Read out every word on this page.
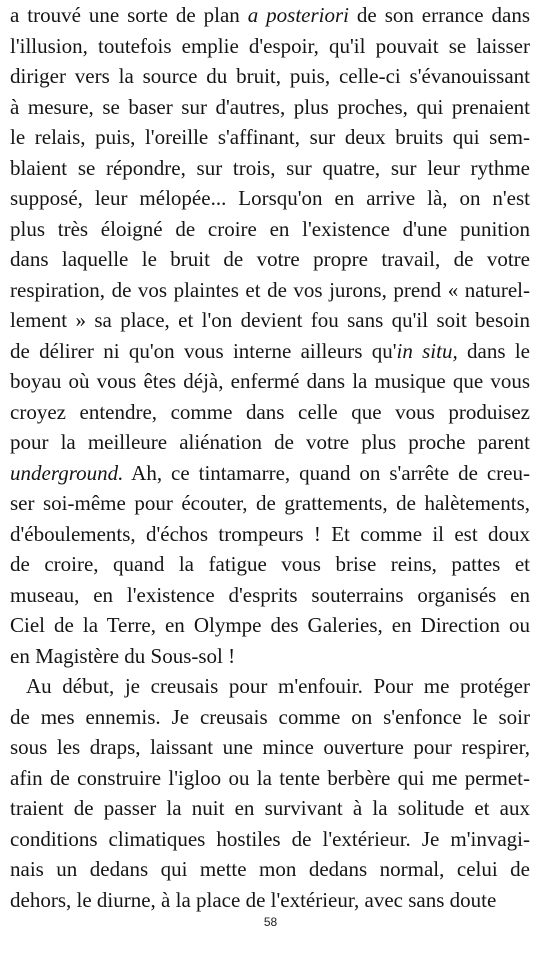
a trouvé une sorte de plan a posteriori de son errance dans
l'illusion, toutefois emplie d'espoir, qu'il pouvait se laisser
diriger vers la source du bruit, puis, celle-ci s'évanouissant
à mesure, se baser sur d'autres, plus proches, qui prenaient
le relais, puis, l'oreille s'affinant, sur deux bruits qui sem-
blaient se répondre, sur trois, sur quatre, sur leur rythme
supposé, leur mélopée... Lorsqu'on en arrive là, on n'est
plus très éloigné de croire en l'existence d'une punition
dans laquelle le bruit de votre propre travail, de votre
respiration, de vos plaintes et de vos jurons, prend « naturel-
lement » sa place, et l'on devient fou sans qu'il soit besoin
de délirer ni qu'on vous interne ailleurs qu'in situ, dans le
boyau où vous êtes déjà, enfermé dans la musique que vous
croyez entendre, comme dans celle que vous produisez
pour la meilleure aliénation de votre plus proche parent
underground. Ah, ce tintamarre, quand on s'arrête de creu-
ser soi-même pour écouter, de grattements, de halètements,
d'éboulements, d'échos trompeurs ! Et comme il est doux
de croire, quand la fatigue vous brise reins, pattes et
museau, en l'existence d'esprits souterrains organisés en
Ciel de la Terre, en Olympe des Galeries, en Direction ou
en Magistère du Sous-sol !
Au début, je creusais pour m'enfouir. Pour me protéger
de mes ennemis. Je creusais comme on s'enfonce le soir
sous les draps, laissant une mince ouverture pour respirer,
afin de construire l'igloo ou la tente berbère qui me permet-
traient de passer la nuit en survivant à la solitude et aux
conditions climatiques hostiles de l'extérieur. Je m'invagi-
nais un dedans qui mette mon dedans normal, celui de
dehors, le diurne, à la place de l'extérieur, avec sans doute
58
